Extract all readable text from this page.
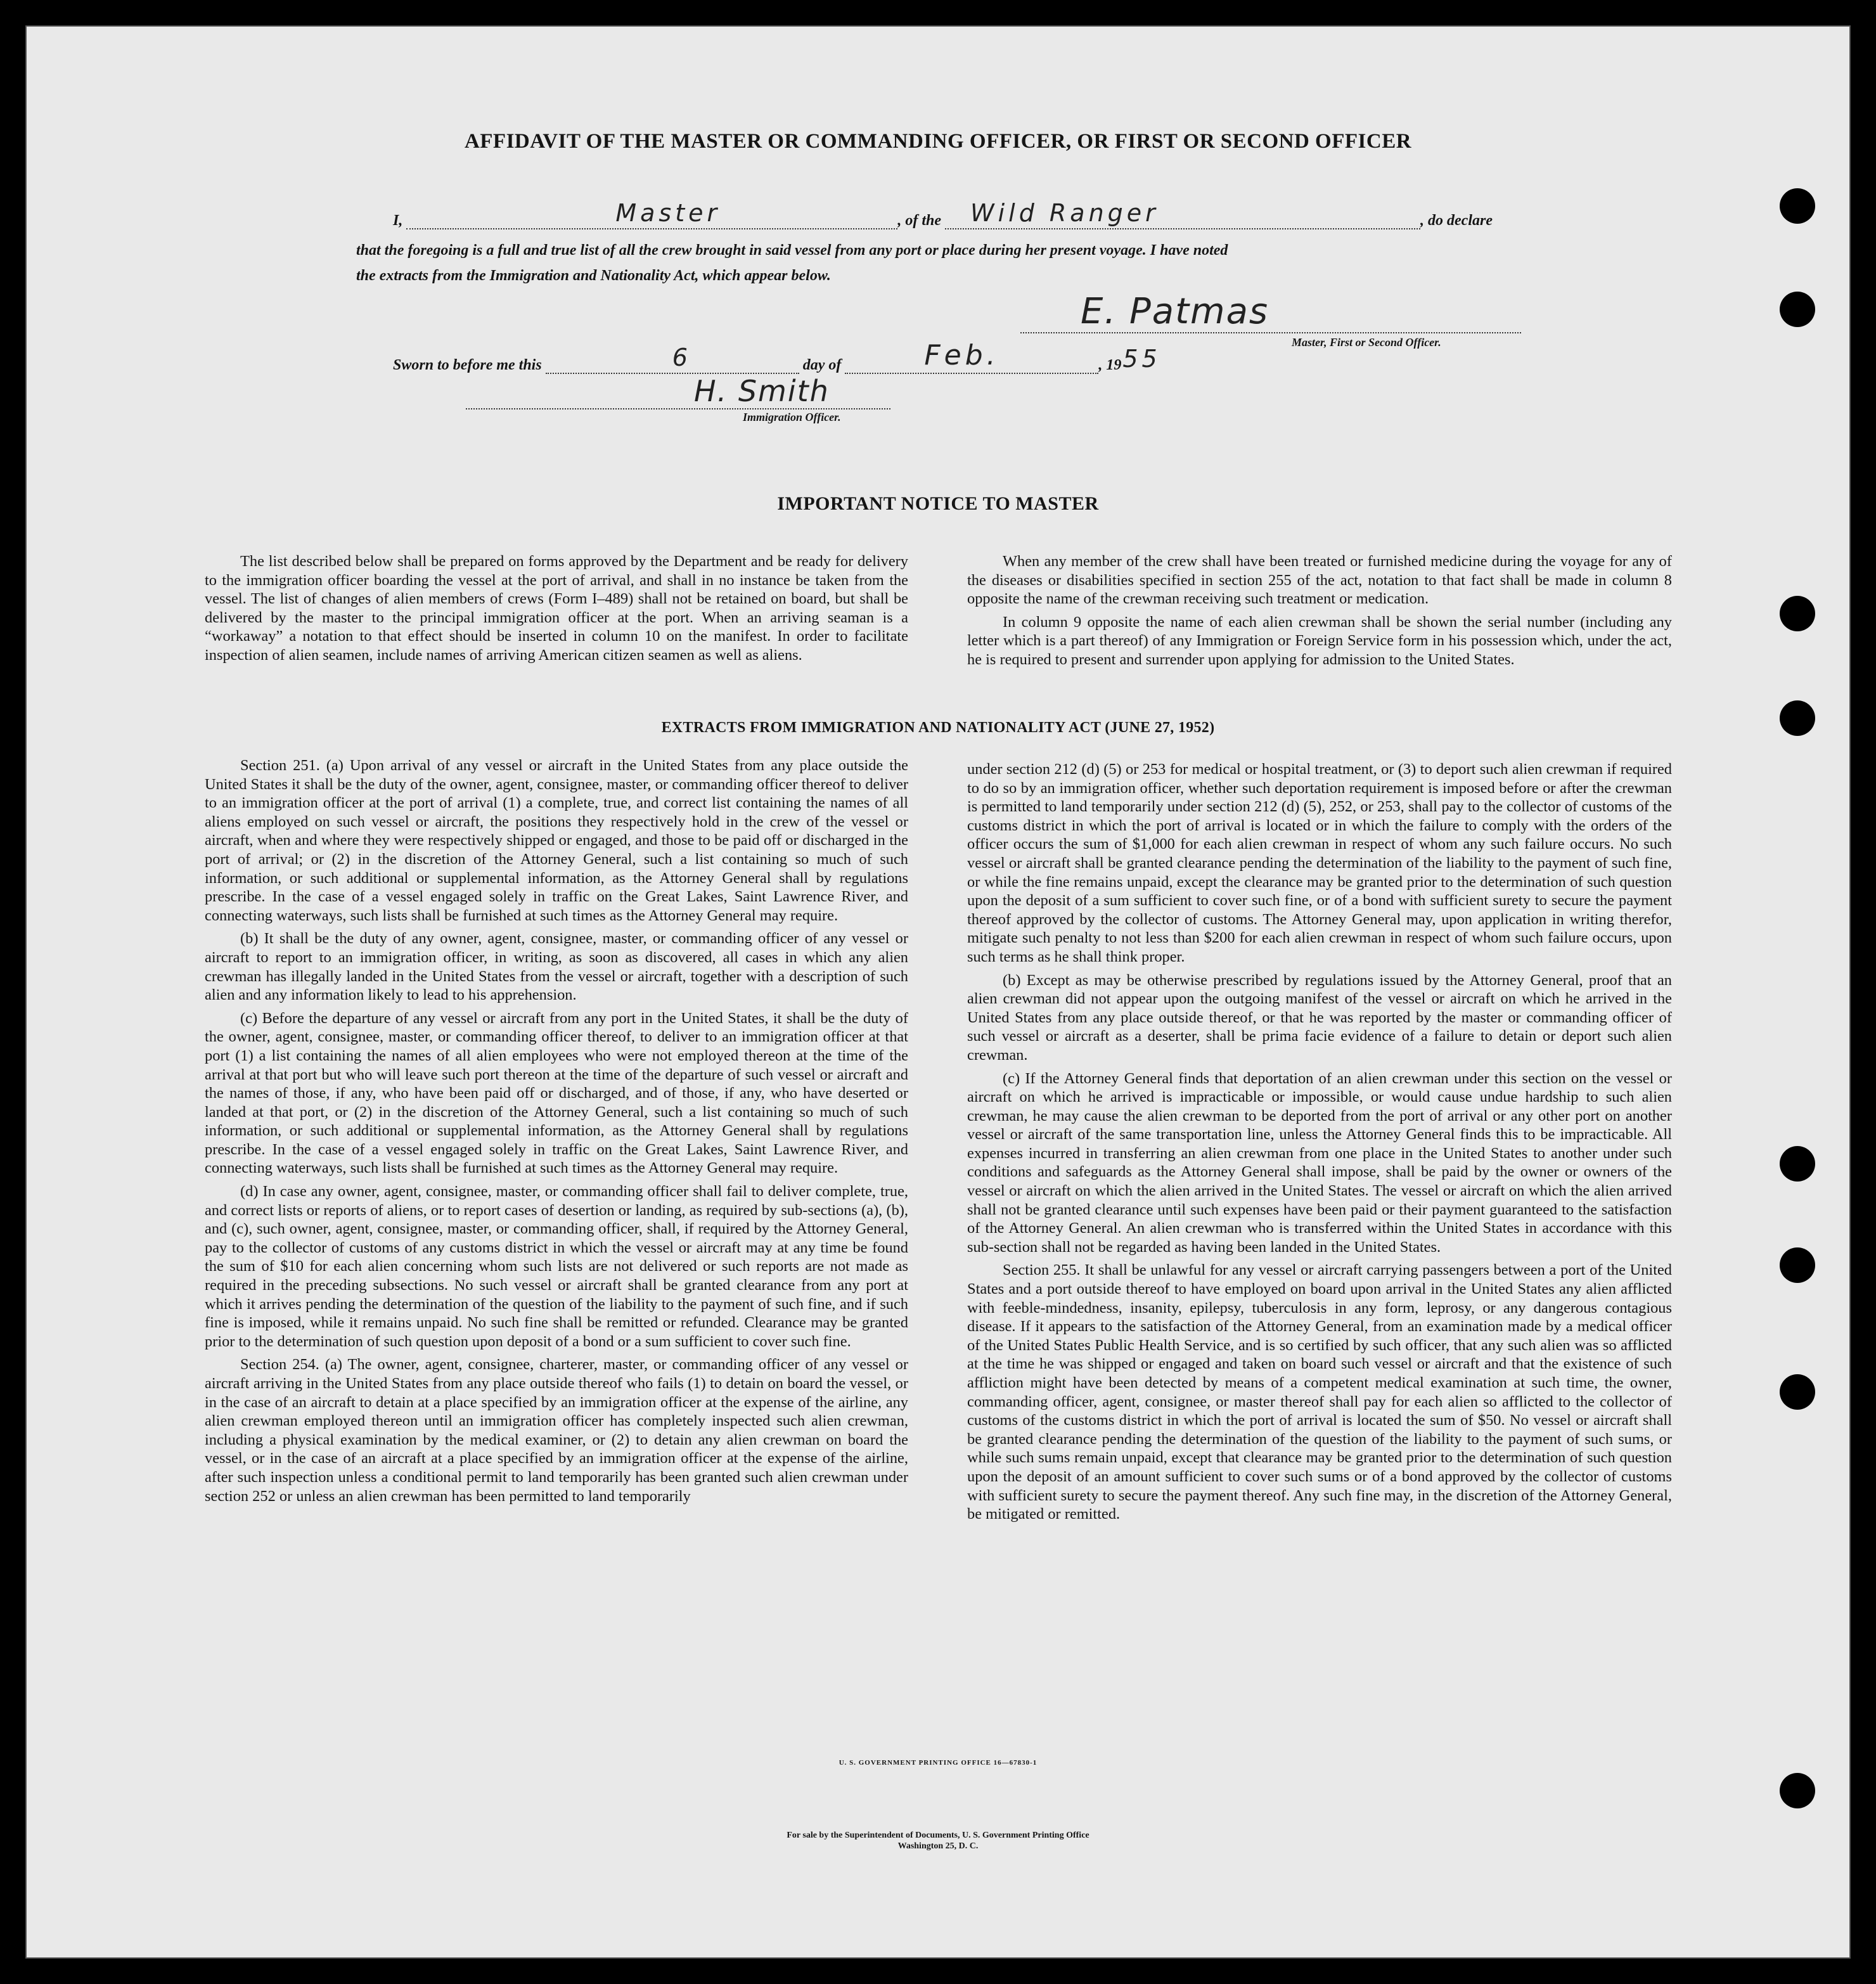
AFFIDAVIT OF THE MASTER OR COMMANDING OFFICER, OR FIRST OR SECOND OFFICER
I,	Master	, of the Wild Ranger	, do declare
that the foregoing is a full and true list of all the crew brought in said vessel from any port or place during her present voyage. I have noted
the extracts from the Immigration and Nationality Act, which appear below.
E. Patmas
Master, First or Second Officer.
Sworn to before me this	6	day of	Feb.	, 19 55
H. Smith
Immigration Officer.
IMPORTANT NOTICE TO MASTER

The list described below shall be prepared on forms approved by the Department and be ready for delivery to the immigration officer boarding the vessel at the port of arrival, and shall in no instance be taken from the vessel. The list of changes of alien members of crews (Form I–489) shall not be retained on board, but shall be delivered by the master to the principal immigration officer at the port. When an arriving seaman is a “workaway” a notation to that effect should be inserted in column 10 on the manifest. In order to facilitate inspection of alien seamen, include names of arriving American citizen seamen as well as aliens.

When any member of the crew shall have been treated or furnished medicine during the voyage for any of the diseases or disabilities specified in section 255 of the act, notation to that fact shall be made in column 8 opposite the name of the crewman receiving such treatment or medication.

In column 9 opposite the name of each alien crewman shall be shown the serial number (including any letter which is a part thereof) of any Immigration or Foreign Service form in his possession which, under the act, he is required to present and surrender upon applying for admission to the United States.

EXTRACTS FROM IMMIGRATION AND NATIONALITY ACT (JUNE 27, 1952)

Section 251. (a) Upon arrival of any vessel or aircraft in the United States from any place outside the United States it shall be the duty of the owner, agent, consignee, master, or commanding officer thereof to deliver to an immigration officer at the port of arrival (1) a complete, true, and correct list containing the names of all aliens employed on such vessel or aircraft, the positions they respectively hold in the crew of the vessel or aircraft, when and where they were respectively shipped or engaged, and those to be paid off or discharged in the port of arrival; or (2) in the discretion of the Attorney General, such a list containing so much of such information, or such additional or supplemental information, as the Attorney General shall by regulations prescribe. In the case of a vessel engaged solely in traffic on the Great Lakes, Saint Lawrence River, and connecting waterways, such lists shall be furnished at such times as the Attorney General may require.

(b) It shall be the duty of any owner, agent, consignee, master, or commanding officer of any vessel or aircraft to report to an immigration officer, in writing, as soon as discovered, all cases in which any alien crewman has illegally landed in the United States from the vessel or aircraft, together with a description of such alien and any information likely to lead to his apprehension.

(c) Before the departure of any vessel or aircraft from any port in the United States, it shall be the duty of the owner, agent, consignee, master, or commanding officer thereof, to deliver to an immigration officer at that port (1) a list containing the names of all alien employees who were not employed thereon at the time of the arrival at that port but who will leave such port thereon at the time of the departure of such vessel or aircraft and the names of those, if any, who have been paid off or discharged, and of those, if any, who have deserted or landed at that port, or (2) in the discretion of the Attorney General, such a list containing so much of such information, or such additional or supplemental information, as the Attorney General shall by regulations prescribe. In the case of a vessel engaged solely in traffic on the Great Lakes, Saint Lawrence River, and connecting waterways, such lists shall be furnished at such times as the Attorney General may require.

(d) In case any owner, agent, consignee, master, or commanding officer shall fail to deliver complete, true, and correct lists or reports of aliens, or to report cases of desertion or landing, as required by sub-sections (a), (b), and (c), such owner, agent, consignee, master, or commanding officer, shall, if required by the Attorney General, pay to the collector of customs of any customs district in which the vessel or aircraft may at any time be found the sum of $10 for each alien concerning whom such lists are not delivered or such reports are not made as required in the preceding subsections. No such vessel or aircraft shall be granted clearance from any port at which it arrives pending the determination of the question of the liability to the payment of such fine, and if such fine is imposed, while it remains unpaid. No such fine shall be remitted or refunded. Clearance may be granted prior to the determination of such question upon deposit of a bond or a sum sufficient to cover such fine.

Section 254. (a) The owner, agent, consignee, charterer, master, or commanding officer of any vessel or aircraft arriving in the United States from any place outside thereof who fails (1) to detain on board the vessel, or in the case of an aircraft to detain at a place specified by an immigration officer at the expense of the airline, any alien crewman employed thereon until an immigration officer has completely inspected such alien crewman, including a physical examination by the medical examiner, or (2) to detain any alien crewman on board the vessel, or in the case of an aircraft at a place specified by an immigration officer at the expense of the airline, after such inspection unless a conditional permit to land temporarily has been granted such alien crewman under section 252 or unless an alien crewman has been permitted to land temporarily

under section 212 (d) (5) or 253 for medical or hospital treatment, or (3) to deport such alien crewman if required to do so by an immigration officer, whether such deportation requirement is imposed before or after the crewman is permitted to land temporarily under section 212 (d) (5), 252, or 253, shall pay to the collector of customs of the customs district in which the port of arrival is located or in which the failure to comply with the orders of the officer occurs the sum of $1,000 for each alien crewman in respect of whom any such failure occurs. No such vessel or aircraft shall be granted clearance pending the determination of the liability to the payment of such fine, or while the fine remains unpaid, except the clearance may be granted prior to the determination of such question upon the deposit of a sum sufficient to cover such fine, or of a bond with sufficient surety to secure the payment thereof approved by the collector of customs. The Attorney General may, upon application in writing therefor, mitigate such penalty to not less than $200 for each alien crewman in respect of whom such failure occurs, upon such terms as he shall think proper.

(b) Except as may be otherwise prescribed by regulations issued by the Attorney General, proof that an alien crewman did not appear upon the outgoing manifest of the vessel or aircraft on which he arrived in the United States from any place outside thereof, or that he was reported by the master or commanding officer of such vessel or aircraft as a deserter, shall be prima facie evidence of a failure to detain or deport such alien crewman.

(c) If the Attorney General finds that deportation of an alien crewman under this section on the vessel or aircraft on which he arrived is impracticable or impossible, or would cause undue hardship to such alien crewman, he may cause the alien crewman to be deported from the port of arrival or any other port on another vessel or aircraft of the same transportation line, unless the Attorney General finds this to be impracticable. All expenses incurred in transferring an alien crewman from one place in the United States to another under such conditions and safeguards as the Attorney General shall impose, shall be paid by the owner or owners of the vessel or aircraft on which the alien arrived in the United States. The vessel or aircraft on which the alien arrived shall not be granted clearance until such expenses have been paid or their payment guaranteed to the satisfaction of the Attorney General. An alien crewman who is transferred within the United States in accordance with this sub-section shall not be regarded as having been landed in the United States.

Section 255. It shall be unlawful for any vessel or aircraft carrying passengers between a port of the United States and a port outside thereof to have employed on board upon arrival in the United States any alien afflicted with feeble-mindedness, insanity, epilepsy, tuberculosis in any form, leprosy, or any dangerous contagious disease. If it appears to the satisfaction of the Attorney General, from an examination made by a medical officer of the United States Public Health Service, and is so certified by such officer, that any such alien was so afflicted at the time he was shipped or engaged and taken on board such vessel or aircraft and that the existence of such affliction might have been detected by means of a competent medical examination at such time, the owner, commanding officer, agent, consignee, or master thereof shall pay for each alien so afflicted to the collector of customs of the customs district in which the port of arrival is located the sum of $50. No vessel or aircraft shall be granted clearance pending the determination of the question of the liability to the payment of such sums, or while such sums remain unpaid, except that clearance may be granted prior to the determination of such question upon the deposit of an amount sufficient to cover such sums or of a bond approved by the collector of customs with sufficient surety to secure the payment thereof. Any such fine may, in the discretion of the Attorney General, be mitigated or remitted.

U. S. GOVERNMENT PRINTING OFFICE 16—67830-1
For sale by the Superintendent of Documents, U. S. Government Printing Office
Washington 25, D. C.
